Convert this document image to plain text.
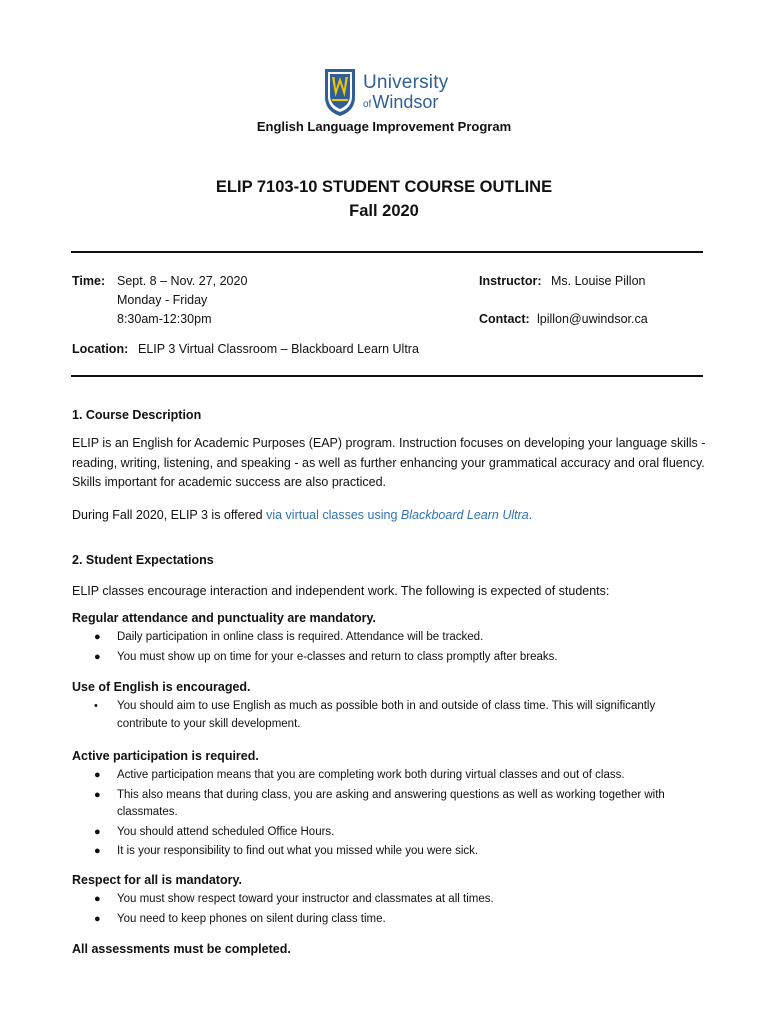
University
ofWindsor
English Language Improvement Program
ELIP 7103-10 STUDENT COURSE OUTLINE
Fall 2020
Time: Sept. 8 – Nov. 27, 2020
Monday - Friday
8:30am-12:30pm
Instructor: Ms. Louise Pillon
Contact: lpillon@uwindsor.ca
Location: ELIP 3 Virtual Classroom – Blackboard Learn Ultra
1. Course Description
ELIP is an English for Academic Purposes (EAP) program. Instruction focuses on developing your language skills - reading, writing, listening, and speaking - as well as further enhancing your grammatical accuracy and oral fluency. Skills important for academic success are also practiced.
During Fall 2020, ELIP 3 is offered via virtual classes using Blackboard Learn Ultra.
2. Student Expectations
ELIP classes encourage interaction and independent work. The following is expected of students:
Regular attendance and punctuality are mandatory.
● Daily participation in online class is required. Attendance will be tracked.
● You must show up on time for your e-classes and return to class promptly after breaks.
Use of English is encouraged.
• You should aim to use English as much as possible both in and outside of class time. This will significantly contribute to your skill development.
Active participation is required.
● Active participation means that you are completing work both during virtual classes and out of class.
● This also means that during class, you are asking and answering questions as well as working together with classmates.
● You should attend scheduled Office Hours.
● It is your responsibility to find out what you missed while you were sick.
Respect for all is mandatory.
● You must show respect toward your instructor and classmates at all times.
● You need to keep phones on silent during class time.
All assessments must be completed.
